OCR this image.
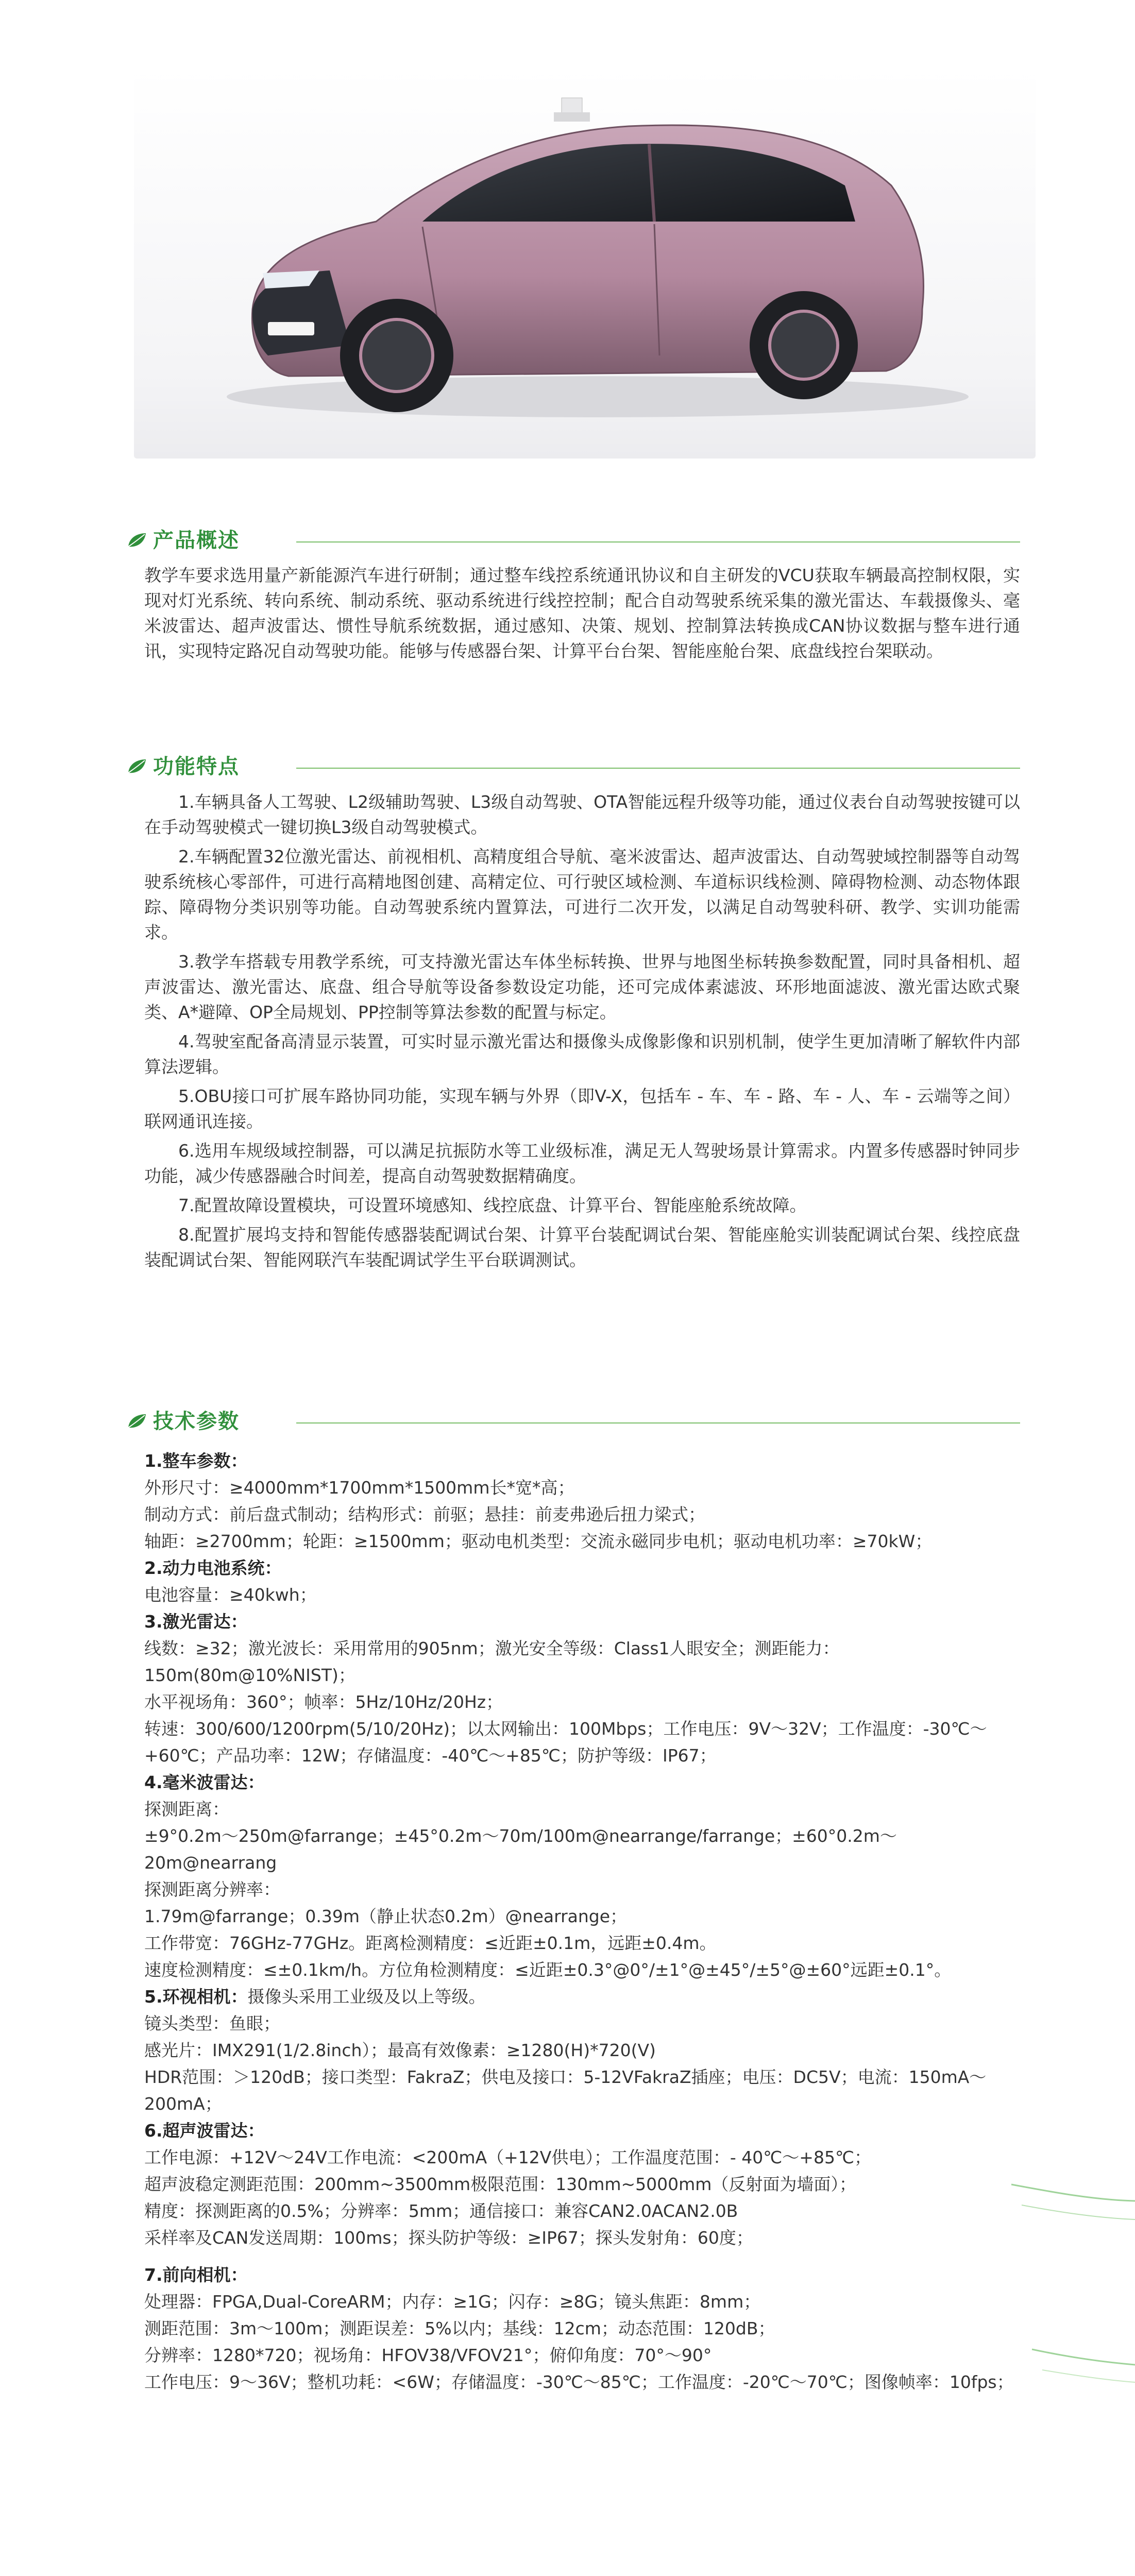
产品概述
教学车要求选用量产新能源汽车进行研制；通过整车线控系统通讯协议和自主研发的VCU获取车辆最高控制权限，实现对灯光系统、转向系统、制动系统、驱动系统进行线控控制；配合自动驾驶系统采集的激光雷达、车载摄像头、毫米波雷达、超声波雷达、惯性导航系统数据，通过感知、决策、规划、控制算法转换成CAN协议数据与整车进行通讯，实现特定路况自动驾驶功能。能够与传感器台架、计算平台台架、智能座舱台架、底盘线控台架联动。
功能特点

1.车辆具备人工驾驶、L2级辅助驾驶、L3级自动驾驶、OTA智能远程升级等功能，通过仪表台自动驾驶按键可以在手动驾驶模式一键切换L3级自动驾驶模式。

2.车辆配置32位激光雷达、前视相机、高精度组合导航、毫米波雷达、超声波雷达、自动驾驶域控制器等自动驾驶系统核心零部件，可进行高精地图创建、高精定位、可行驶区域检测、车道标识线检测、障碍物检测、动态物体跟踪、障碍物分类识别等功能。自动驾驶系统内置算法，可进行二次开发，以满足自动驾驶科研、教学、实训功能需求。

3.教学车搭载专用教学系统，可支持激光雷达车体坐标转换、世界与地图坐标转换参数配置，同时具备相机、超声波雷达、激光雷达、底盘、组合导航等设备参数设定功能，还可完成体素滤波、环形地面滤波、激光雷达欧式聚类、A*避障、OP全局规划、PP控制等算法参数的配置与标定。

4.驾驶室配备高清显示装置，可实时显示激光雷达和摄像头成像影像和识别机制，使学生更加清晰了解软件内部算法逻辑。

5.OBU接口可扩展车路协同功能，实现车辆与外界（即V-X，包括车 - 车、车 - 路、车 - 人、车 - 云端等之间）联网通讯连接。

6.选用车规级域控制器，可以满足抗振防水等工业级标准，满足无人驾驶场景计算需求。内置多传感器时钟同步功能，减少传感器融合时间差，提高自动驾驶数据精确度。

7.配置故障设置模块，可设置环境感知、线控底盘、计算平台、智能座舱系统故障。

8.配置扩展坞支持和智能传感器装配调试台架、计算平台装配调试台架、智能座舱实训装配调试台架、线控底盘装配调试台架、智能网联汽车装配调试学生平台联调测试。

技术参数
1.整车参数：

外形尺寸：≥4000mm*1700mm*1500mm长*宽*高；

制动方式：前后盘式制动；结构形式：前驱；悬挂：前麦弗逊后扭力梁式；

轴距：≥2700mm；轮距：≥1500mm；驱动电机类型：交流永磁同步电机；驱动电机功率：≥70kW；

2.动力电池系统：

电池容量：≥40kwh；

3.激光雷达：

线数：≥32；激光波长：采用常用的905nm；激光安全等级：Class1人眼安全；测距能力：150m(80m@10%NIST)；

水平视场角：360°；帧率：5Hz/10Hz/20Hz；

转速：300/600/1200rpm(5/10/20Hz)；以太网输出：100Mbps；工作电压：9V～32V；工作温度：-30℃～+60℃；产品功率：12W；存储温度：-40℃～+85℃；防护等级：IP67；

4.毫米波雷达：

探测距离：

±9°0.2m～250m@farrange；±45°0.2m～70m/100m@nearrange/farrange；±60°0.2m～20m@nearrang

探测距离分辨率：

1.79m@farrange；0.39m（静止状态0.2m）@nearrange；

工作带宽：76GHz-77GHz。距离检测精度：≤近距±0.1m，远距±0.4m。

速度检测精度：≤±0.1km/h。方位角检测精度：≤近距±0.3°@0°/±1°@±45°/±5°@±60°远距±0.1°。

5.环视相机：摄像头采用工业级及以上等级。

镜头类型：鱼眼；

感光片：IMX291(1/2.8inch）；最高有效像素：≥1280(H)*720(V)

HDR范围：＞120dB；接口类型：FakraZ；供电及接口：5-12VFakraZ插座；电压：DC5V；电流：150mA～200mA；

6.超声波雷达：

工作电源：+12V～24V工作电流：<200mA（+12V供电）；工作温度范围：- 40℃～+85℃；

超声波稳定测距范围：200mm~3500mm极限范围：130mm~5000mm（反射面为墙面）；

精度：探测距离的0.5%；分辨率：5mm；通信接口：兼容CAN2.0ACAN2.0B

采样率及CAN发送周期：100ms；探头防护等级：≥IP67；探头发射角：60度；

7.前向相机：

处理器：FPGA,Dual-CoreARM；内存：≥1G；闪存：≥8G；镜头焦距：8mm；

测距范围：3m～100m；测距误差：5%以内；基线：12cm；动态范围：120dB；

分辨率：1280*720；视场角：HFOV38/VFOV21°；俯仰角度：70°～90°

工作电压：9～36V；整机功耗：<6W；存储温度：-30℃～85℃；工作温度：-20℃～70℃；图像帧率：10fps；
